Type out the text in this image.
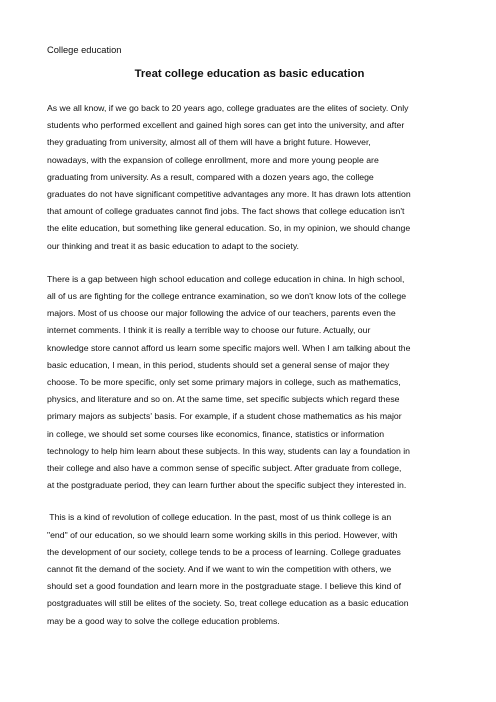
College education
Treat college education as basic education
As we all know, if we go back to 20 years ago, college graduates are the elites of society. Only
students who performed excellent and gained high sores can get into the university, and after
they graduating from university, almost all of them will have a bright future. However,
nowadays, with the expansion of college enrollment, more and more young people are
graduating from university. As a result, compared with a dozen years ago, the college
graduates do not have significant competitive advantages any more. It has drawn lots attention
that amount of college graduates cannot find jobs. The fact shows that college education isn't
the elite education, but something like general education. So, in my opinion, we should change
our thinking and treat it as basic education to adapt to the society.
There is a gap between high school education and college education in china. In high school,
all of us are fighting for the college entrance examination, so we don't know lots of the college
majors. Most of us choose our major following the advice of our teachers, parents even the
internet comments. I think it is really a terrible way to choose our future. Actually, our
knowledge store cannot afford us learn some specific majors well. When I am talking about the
basic education, I mean, in this period, students should set a general sense of major they
choose. To be more specific, only set some primary majors in college, such as mathematics,
physics, and literature and so on. At the same time, set specific subjects which regard these
primary majors as subjects' basis. For example, if a student chose mathematics as his major
in college, we should set some courses like economics, finance, statistics or information
technology to help him learn about these subjects. In this way, students can lay a foundation in
their college and also have a common sense of specific subject. After graduate from college,
at the postgraduate period, they can learn further about the specific subject they interested in.
This is a kind of revolution of college education. In the past, most of us think college is an
"end" of our education, so we should learn some working skills in this period. However, with
the development of our society, college tends to be a process of learning. College graduates
cannot fit the demand of the society. And if we want to win the competition with others, we
should set a good foundation and learn more in the postgraduate stage. I believe this kind of
postgraduates will still be elites of the society. So, treat college education as a basic education
may be a good way to solve the college education problems.
